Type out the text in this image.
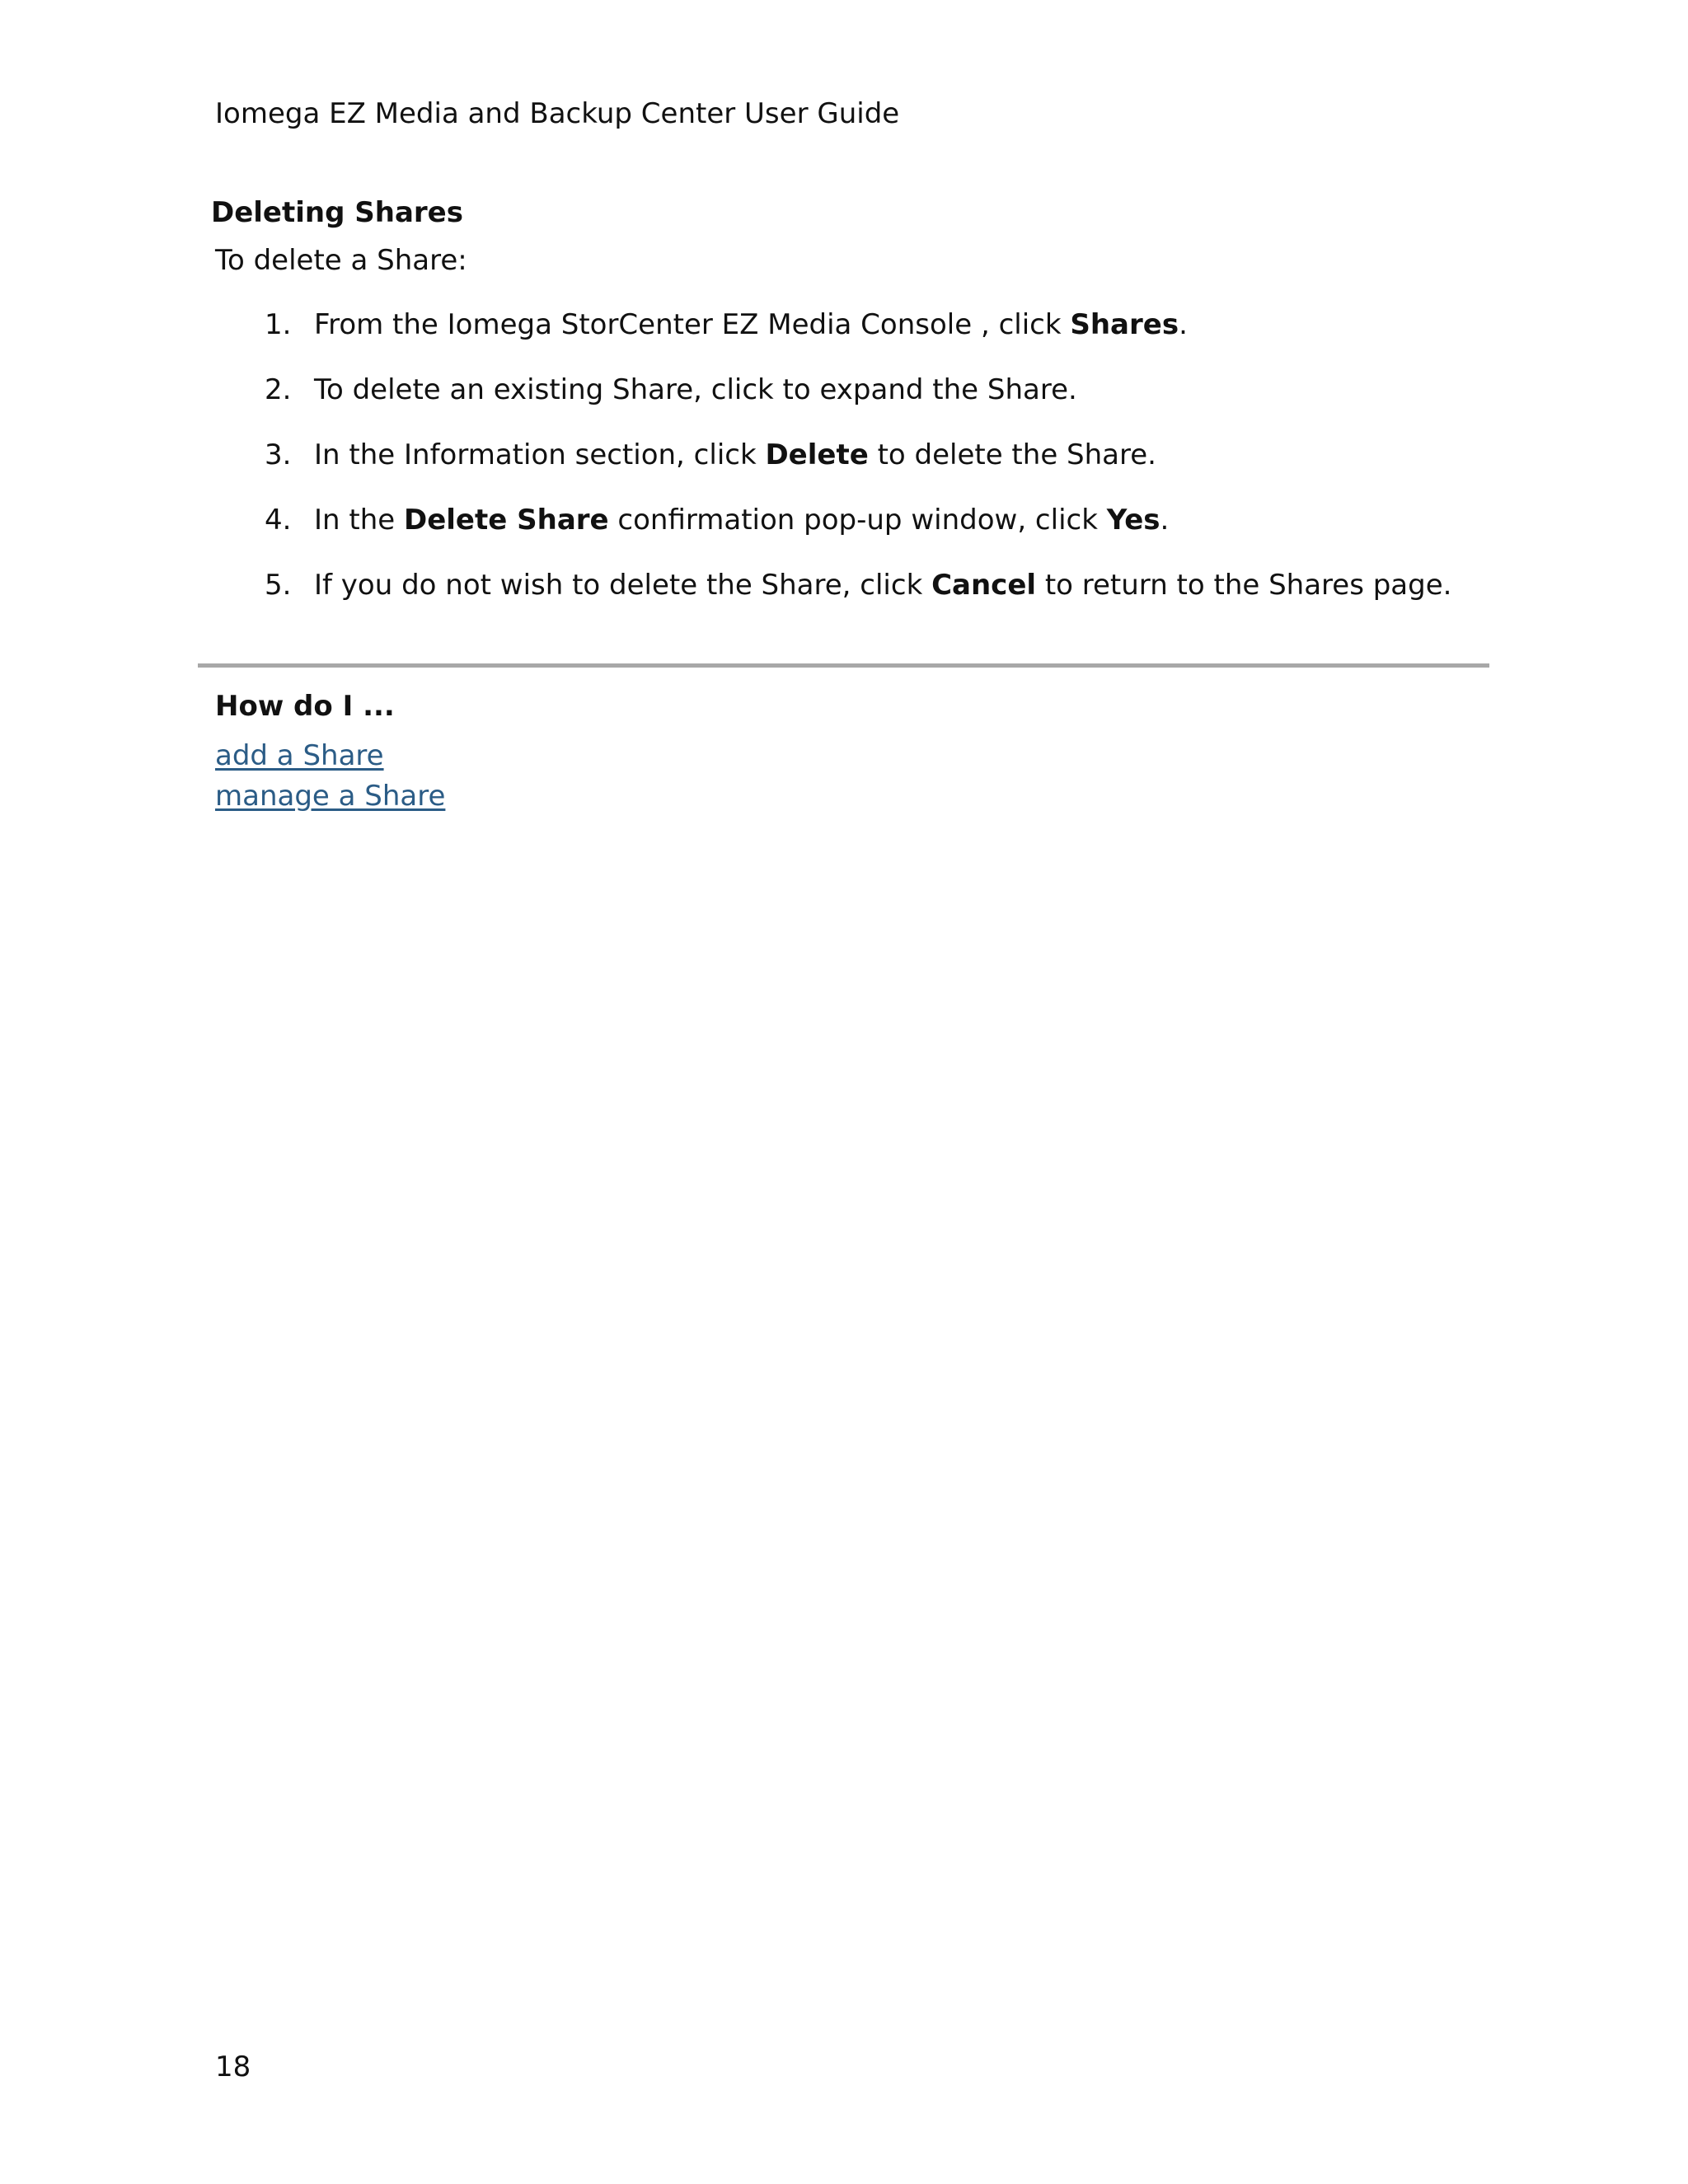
Iomega EZ Media and Backup Center User Guide

Deleting Shares

To delete a Share:

1. From the Iomega StorCenter EZ Media Console , click Shares.
2. To delete an existing Share, click to expand the Share.
3. In the Information section, click Delete to delete the Share.
4. In the Delete Share confirmation pop-up window, click Yes.
5. If you do not wish to delete the Share, click Cancel to return to the Shares page.
How do I ...
add a Share
manage a Share

18
